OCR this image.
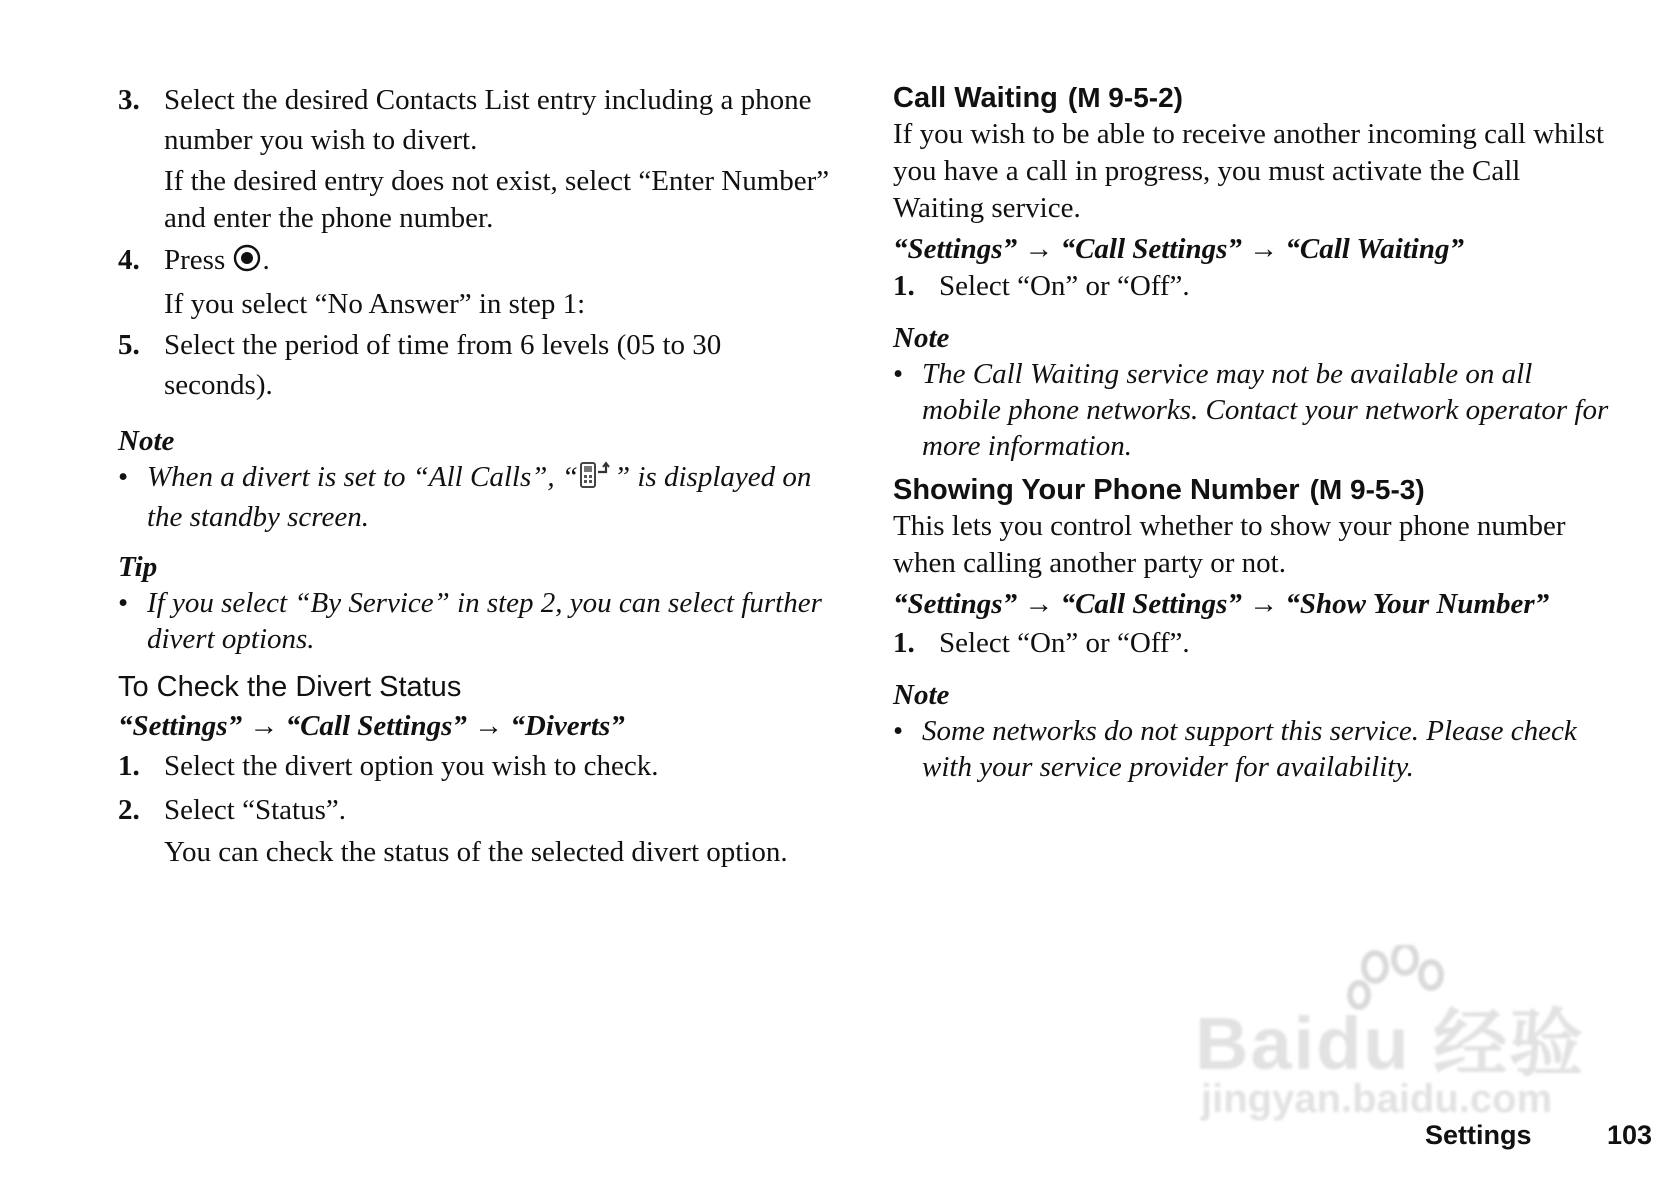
3. Select the desired Contacts List entry including a phone number you wish to divert.
If the desired entry does not exist, select “Enter Number” and enter the phone number.
4. Press .
If you select “No Answer” in step 1:
5. Select the period of time from 6 levels (05 to 30 seconds).
Note
• When a divert is set to “All Calls”, “ ” is displayed on the standby screen.
Tip
• If you select “By Service” in step 2, you can select further divert options.
To Check the Divert Status
“Settings” → “Call Settings” → “Diverts”
1. Select the divert option you wish to check.
2. Select “Status”.
You can check the status of the selected divert option.
Call Waiting (M 9-5-2)
If you wish to be able to receive another incoming call whilst you have a call in progress, you must activate the Call Waiting service.
“Settings” → “Call Settings” → “Call Waiting”
1. Select “On” or “Off”.
Note
• The Call Waiting service may not be available on all mobile phone networks. Contact your network operator for more information.
Showing Your Phone Number (M 9-5-3)
This lets you control whether to show your phone number when calling another party or not.
“Settings” → “Call Settings” → “Show Your Number”
1. Select “On” or “Off”.
Note
• Some networks do not support this service. Please check with your service provider for availability.
Baidu 经验
jingyan.baidu.com
Settings	103
